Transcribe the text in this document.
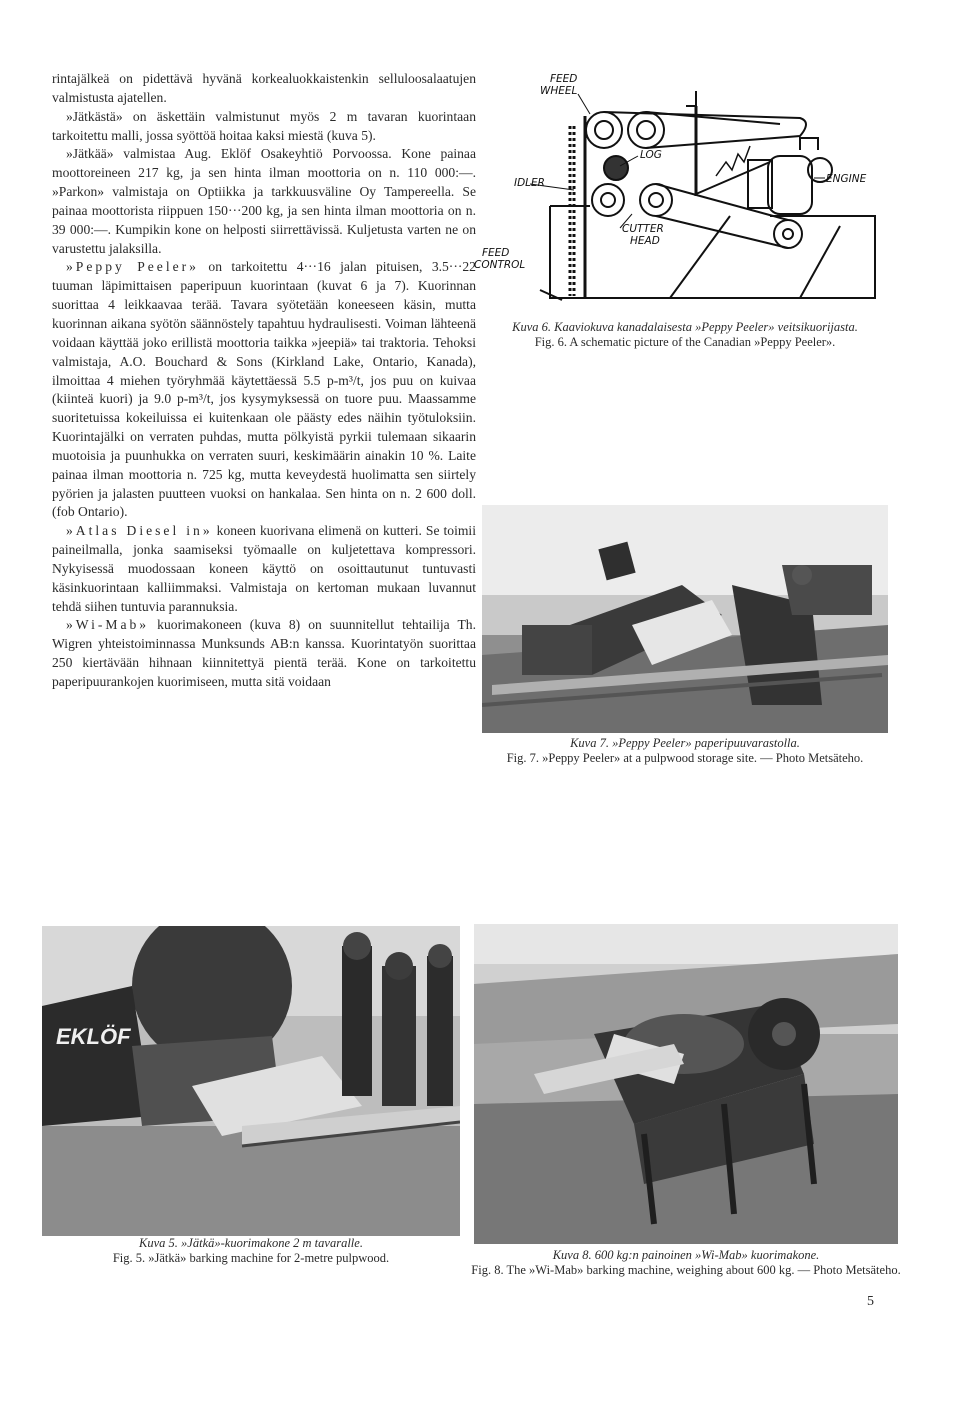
rintajälkeä on pidettävä hyvänä korkealuokkaistenkin selluloosalaatujen valmistusta ajatellen.

»Jätkästä» on äskettäin valmistunut myös 2 m tavaran kuorintaan tarkoitettu malli, jossa syöttöä hoitaa kaksi miestä (kuva 5).

»Jätkää» valmistaa Aug. Eklöf Osakeyhtiö Porvoossa. Kone painaa moottoreineen 217 kg, ja sen hinta ilman moottoria on n. 110 000:—. »Parkon» valmistaja on Optiikka ja tarkkuusväline Oy Tampereella. Se painaa moottorista riippuen 150···200 kg, ja sen hinta ilman moottoria on n. 39 000:—. Kumpikin kone on helposti siirrettävissä. Kuljetusta varten ne on varustettu jalaksilla.

»Peppy Peeler» on tarkoitettu 4···16 jalan pituisen, 3.5···22 tuuman läpimittaisen paperipuun kuorintaan (kuvat 6 ja 7). Kuorinnan suorittaa 4 leikkaavaa terää. Tavara syötetään koneeseen käsin, mutta kuorinnan aikana syötön säännöstely tapahtuu hydraulisesti. Voiman lähteenä voidaan käyttää joko erillistä moottoria taikka »jeepiä» tai traktoria. Tehoksi valmistaja, A.O. Bouchard & Sons (Kirkland Lake, Ontario, Kanada), ilmoittaa 4 miehen työryhmää käytettäessä 5.5 p-m³/t, jos puu on kuivaa (kiinteä kuori) ja 9.0 p-m³/t, jos kysymyksessä on tuore puu. Maassamme suoritetuissa kokeiluissa ei kuitenkaan ole päästy edes näihin työtuloksiin. Kuorintajälki on verraten puhdas, mutta pölkyistä pyrkii tulemaan sikaarin muotoisia ja puunhukka on verraten suuri, keskimäärin ainakin 10 %. Laite painaa ilman moottoria n. 725 kg, mutta keveydestä huolimatta sen siirtely pyörien ja jalasten puutteen vuoksi on hankalaa. Sen hinta on n. 2 600 doll. (fob Ontario).

»Atlas Diesel in» koneen kuorivana elimenä on kutteri. Se toimii paineilmalla, jonka saamiseksi työmaalle on kuljetettava kompressori. Nykyisessä muodossaan koneen käyttö on osoittautunut tuntuvasti käsinkuorintaan kalliimmaksi. Valmistaja on kertoman mukaan luvannut tehdä siihen tuntuvia parannuksia.

»Wi-Mab» kuorimakoneen (kuva 8) on suunnitellut tehtailija Th. Wigren yhteistoiminnassa Munksunds AB:n kanssa. Kuorintatyön suorittaa 250 kiertävään hihnaan kiinnitettyä pientä terää. Kone on tarkoitettu paperipuurankojen kuorimiseen, mutta sitä voidaan

FEED
WHEEL
LOG
IDLER	ENGINE
CUTTER
HEAD
FEED
CONTROL
Kuva 6. Kaaviokuva kanadalaisesta »Peppy Peeler» veitsikuorijasta.
Fig. 6. A schematic picture of the Canadian »Peppy Peeler».
Kuva 7. »Peppy Peeler» paperipuuvarastolla.
Fig. 7. »Peppy Peeler» at a pulpwood storage site. — Photo Metsäteho.
EKLÖF
Kuva 5. »Jätkä»-kuorimakone 2 m tavaralle.
Fig. 5. »Jätkä» barking machine for 2-metre pulpwood.	Kuva 8. 600 kg:n painoinen »Wi-Mab» kuorimakone.
Fig. 8. The »Wi-Mab» barking machine, weighing about 600 kg. — Photo Metsäteho.
5
